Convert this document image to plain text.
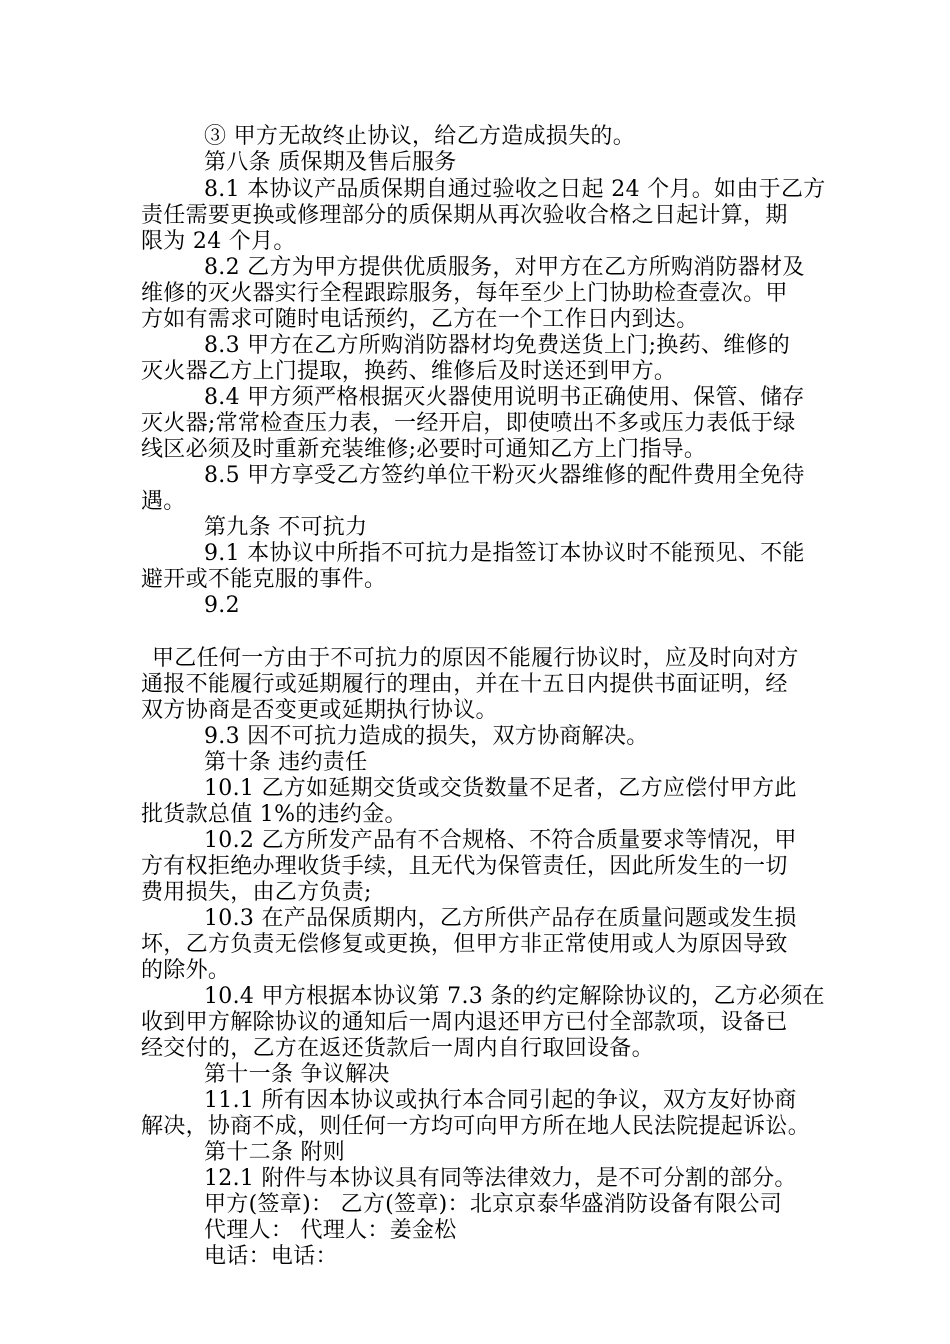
③ 甲方无故终止协议，给乙方造成损失的。
第八条 质保期及售后服务
8.1 本协议产品质保期自通过验收之日起 24 个月。如由于乙方
责任需要更换或修理部分的质保期从再次验收合格之日起计算，期
限为 24 个月。
8.2 乙方为甲方提供优质服务，对甲方在乙方所购消防器材及
维修的灭火器实行全程跟踪服务，每年至少上门协助检查壹次。甲
方如有需求可随时电话预约，乙方在一个工作日内到达。
8.3 甲方在乙方所购消防器材均免费送货上门;换药、维修的
灭火器乙方上门提取，换药、维修后及时送还到甲方。
8.4 甲方须严格根据灭火器使用说明书正确使用、保管、储存
灭火器;常常检查压力表，一经开启，即使喷出不多或压力表低于绿
线区必须及时重新充装维修;必要时可通知乙方上门指导。
8.5 甲方享受乙方签约单位干粉灭火器维修的配件费用全免待
遇。
第九条 不可抗力
9.1 本协议中所指不可抗力是指签订本协议时不能预见、不能
避开或不能克服的事件。
9.2
甲乙任何一方由于不可抗力的原因不能履行协议时，应及时向对方
通报不能履行或延期履行的理由，并在十五日内提供书面证明，经
双方协商是否变更或延期执行协议。
9.3 因不可抗力造成的损失，双方协商解决。
第十条 违约责任
10.1 乙方如延期交货或交货数量不足者，乙方应偿付甲方此
批货款总值 1%的违约金。
10.2 乙方所发产品有不合规格、不符合质量要求等情况，甲
方有权拒绝办理收货手续，且无代为保管责任，因此所发生的一切
费用损失，由乙方负责;
10.3 在产品保质期内，乙方所供产品存在质量问题或发生损
坏，乙方负责无偿修复或更换，但甲方非正常使用或人为原因导致
的除外。
10.4 甲方根据本协议第 7.3 条的约定解除协议的，乙方必须在
收到甲方解除协议的通知后一周内退还甲方已付全部款项，设备已
经交付的，乙方在返还货款后一周内自行取回设备。
第十一条 争议解决
11.1 所有因本协议或执行本合同引起的争议，双方友好协商
解决，协商不成，则任何一方均可向甲方所在地人民法院提起诉讼。
第十二条 附则
12.1 附件与本协议具有同等法律效力，是不可分割的部分。
甲方(签章)： 乙方(签章)：北京京泰华盛消防设备有限公司
代理人： 代理人：姜金松
电话：电话：
